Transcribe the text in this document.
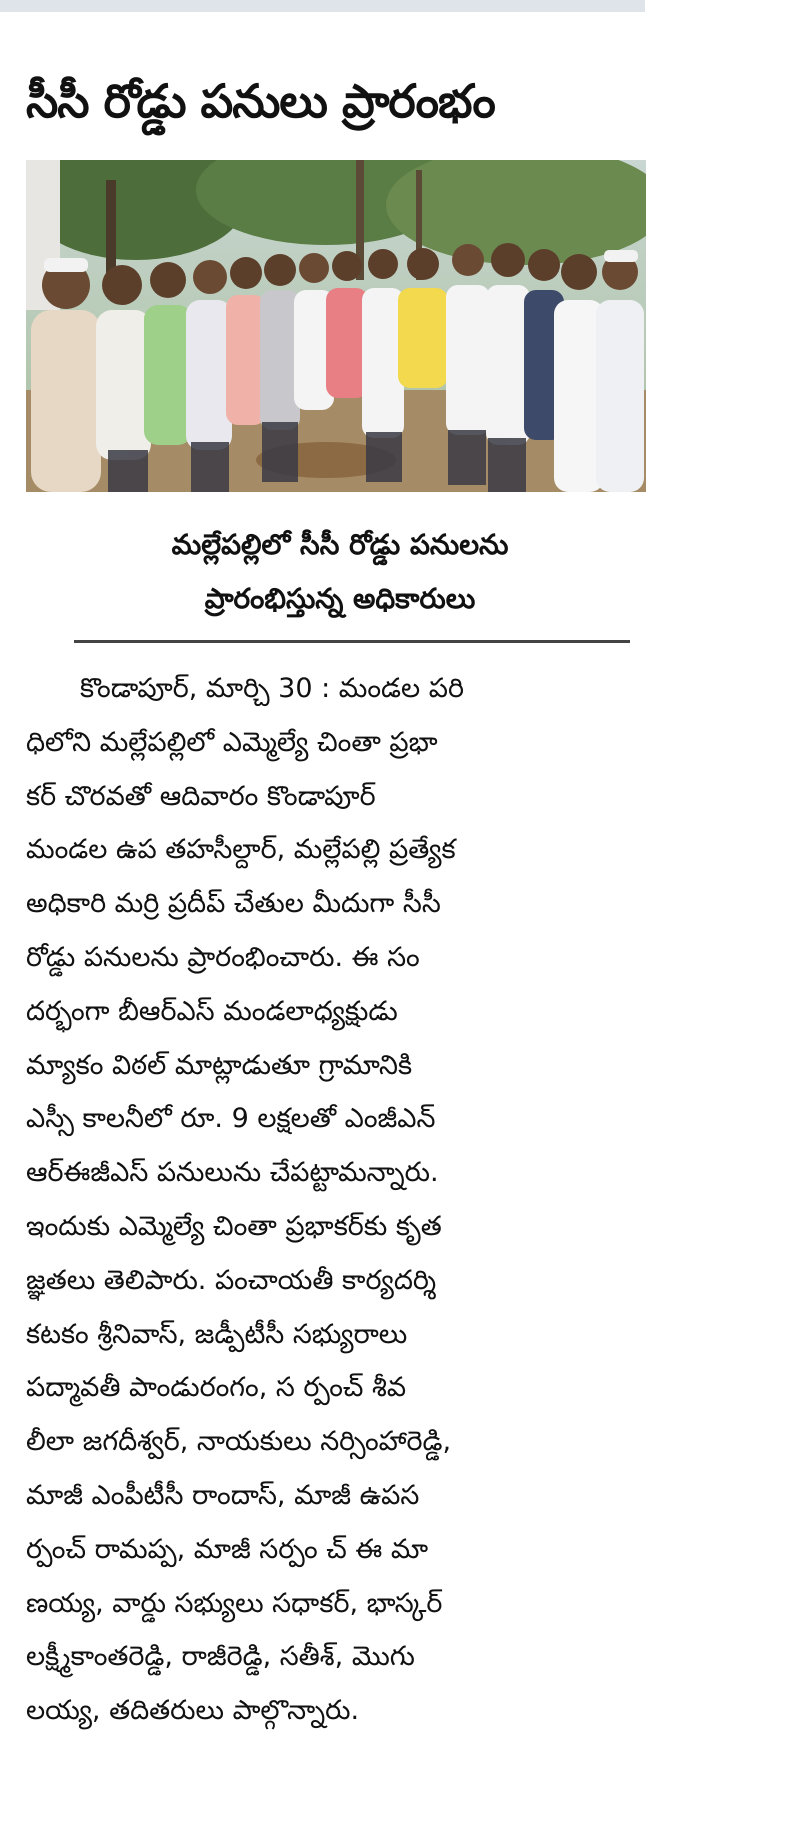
సీసీ రోడ్డు పనులు ప్రారంభం
మల్లేపల్లిలో సీసీ రోడ్డు పనులను
ప్రారంభిస్తున్న అధికారులు
కొండాపూర్, మార్చి 30 : మండల పరి
ధిలోని మల్లేపల్లిలో ఎమ్మెల్యే చింతా ప్రభా
కర్ చొరవతో ఆదివారం కొండాపూర్
మండల ఉప తహసీల్దార్, మల్లేపల్లి ప్రత్యేక
అధికారి మర్రి ప్రదీప్ చేతుల మీదుగా సీసీ
రోడ్డు పనులను ప్రారంభించారు. ఈ సం
దర్భంగా బీఆర్ఎస్ మండలాధ్యక్షుడు
మ్యాకం విఠల్ మాట్లాడుతూ గ్రామానికి
ఎస్సీ కాలనీలో రూ. 9 లక్షలతో ఎంజీఎన్
ఆర్ఈజీఎస్ పనులును చేపట్టామన్నారు.
ఇందుకు ఎమ్మెల్యే చింతా ప్రభాకర్‌కు కృత
జ్ఞతలు తెలిపారు. పంచాయతీ కార్యదర్శి
కటకం శ్రీనివాస్, జడ్పీటీసీ సభ్యురాలు
పద్మావతీ పాండురంగం, స ర్పంచ్ శీవ
లీలా జగదీశ్వర్, నాయకులు నర్సింహారెడ్డి,
మాజీ ఎంపీటీసీ రాందాస్, మాజీ ఉపస
ర్పంచ్ రామప్ప, మాజీ సర్పం చ్ ఈ మా
ణయ్య, వార్డు సభ్యులు సధాకర్, భాస్కర్
లక్ష్మీకాంతరెడ్డి, రాజీరెడ్డి, సతీశ్, మొగు
లయ్య, తదితరులు పాల్గొన్నారు.
